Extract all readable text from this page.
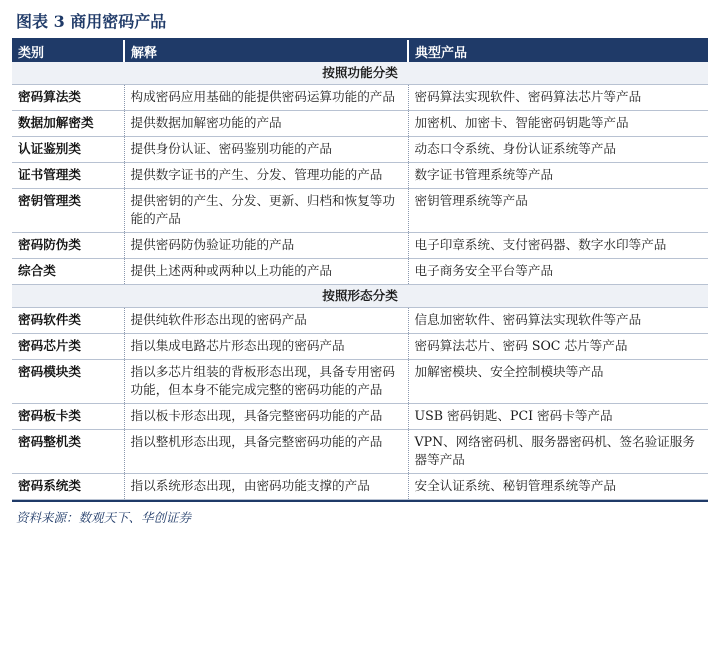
图表 3 商用密码产品
类别	解释	典型产品
按照功能分类		
密码算法类	构成密码应用基础的能提供密码运算功能的产品	密码算法实现软件、密码算法芯片等产品
数据加解密类	提供数据加解密功能的产品	加密机、加密卡、智能密码钥匙等产品
认证鉴别类	提供身份认证、密码鉴别功能的产品	动态口令系统、身份认证系统等产品
证书管理类	提供数字证书的产生、分发、管理功能的产品	数字证书管理系统等产品
密钥管理类	提供密钥的产生、分发、更新、归档和恢复等功能的产品	密钥管理系统等产品
密码防伪类	提供密码防伪验证功能的产品	电子印章系统、支付密码器、数字水印等产品
综合类	提供上述两种或两种以上功能的产品	电子商务安全平台等产品
按照形态分类		
密码软件类	提供纯软件形态出现的密码产品	信息加密软件、密码算法实现软件等产品
密码芯片类	指以集成电路芯片形态出现的密码产品	密码算法芯片、密码 SOC 芯片等产品
密码模块类	指以多芯片组装的背板形态出现，具备专用密码功能，但本身不能完成完整的密码功能的产品	加解密模块、安全控制模块等产品
密码板卡类	指以板卡形态出现，具备完整密码功能的产品	USB 密码钥匙、PCI 密码卡等产品
密码整机类	指以整机形态出现，具备完整密码功能的产品	VPN、网络密码机、服务器密码机、签名验证服务器等产品
密码系统类	指以系统形态出现，由密码功能支撑的产品	安全认证系统、秘钥管理系统等产品
资料来源：数观天下、华创证券
